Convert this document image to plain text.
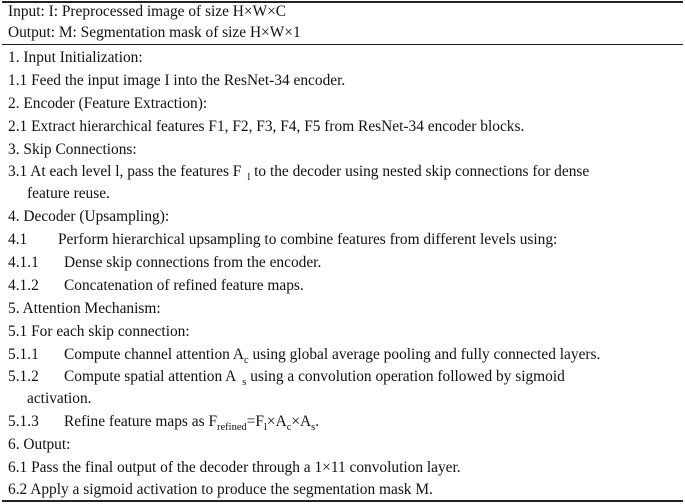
Input: I: Preprocessed image of size H×W×C
Output: M: Segmentation mask of size H×W×1
1. Input Initialization:
1.1 Feed the input image I into the ResNet-34 encoder.
2. Encoder (Feature Extraction):
2.1 Extract hierarchical features F1, F2, F3, F4, F5 from ResNet-34 encoder blocks.
3. Skip Connections:
3.1 At each level l, pass the features F $_l$ to the decoder using nested skip connections for dense
feature reuse.
4. Decoder (Upsampling):
4.1 Perform hierarchical upsampling to combine features from different levels using:
4.1.1 Dense skip connections from the encoder.
4.1.2 Concatenation of refined feature maps.
5. Attention Mechanism:
5.1 For each skip connection:
5.1.1 Compute channel attention $A_c$ using global average pooling and fully connected layers.
5.1.2 Compute spatial attention A $_s$ using a convolution operation followed by sigmoid
activation.
5.1.3 Refine feature maps as $F_{refined}=F_l\times A_c\times A_s$.
6. Output:
6.1 Pass the final output of the decoder through a 1×11 convolution layer.
6.2 Apply a sigmoid activation to produce the segmentation mask M.
